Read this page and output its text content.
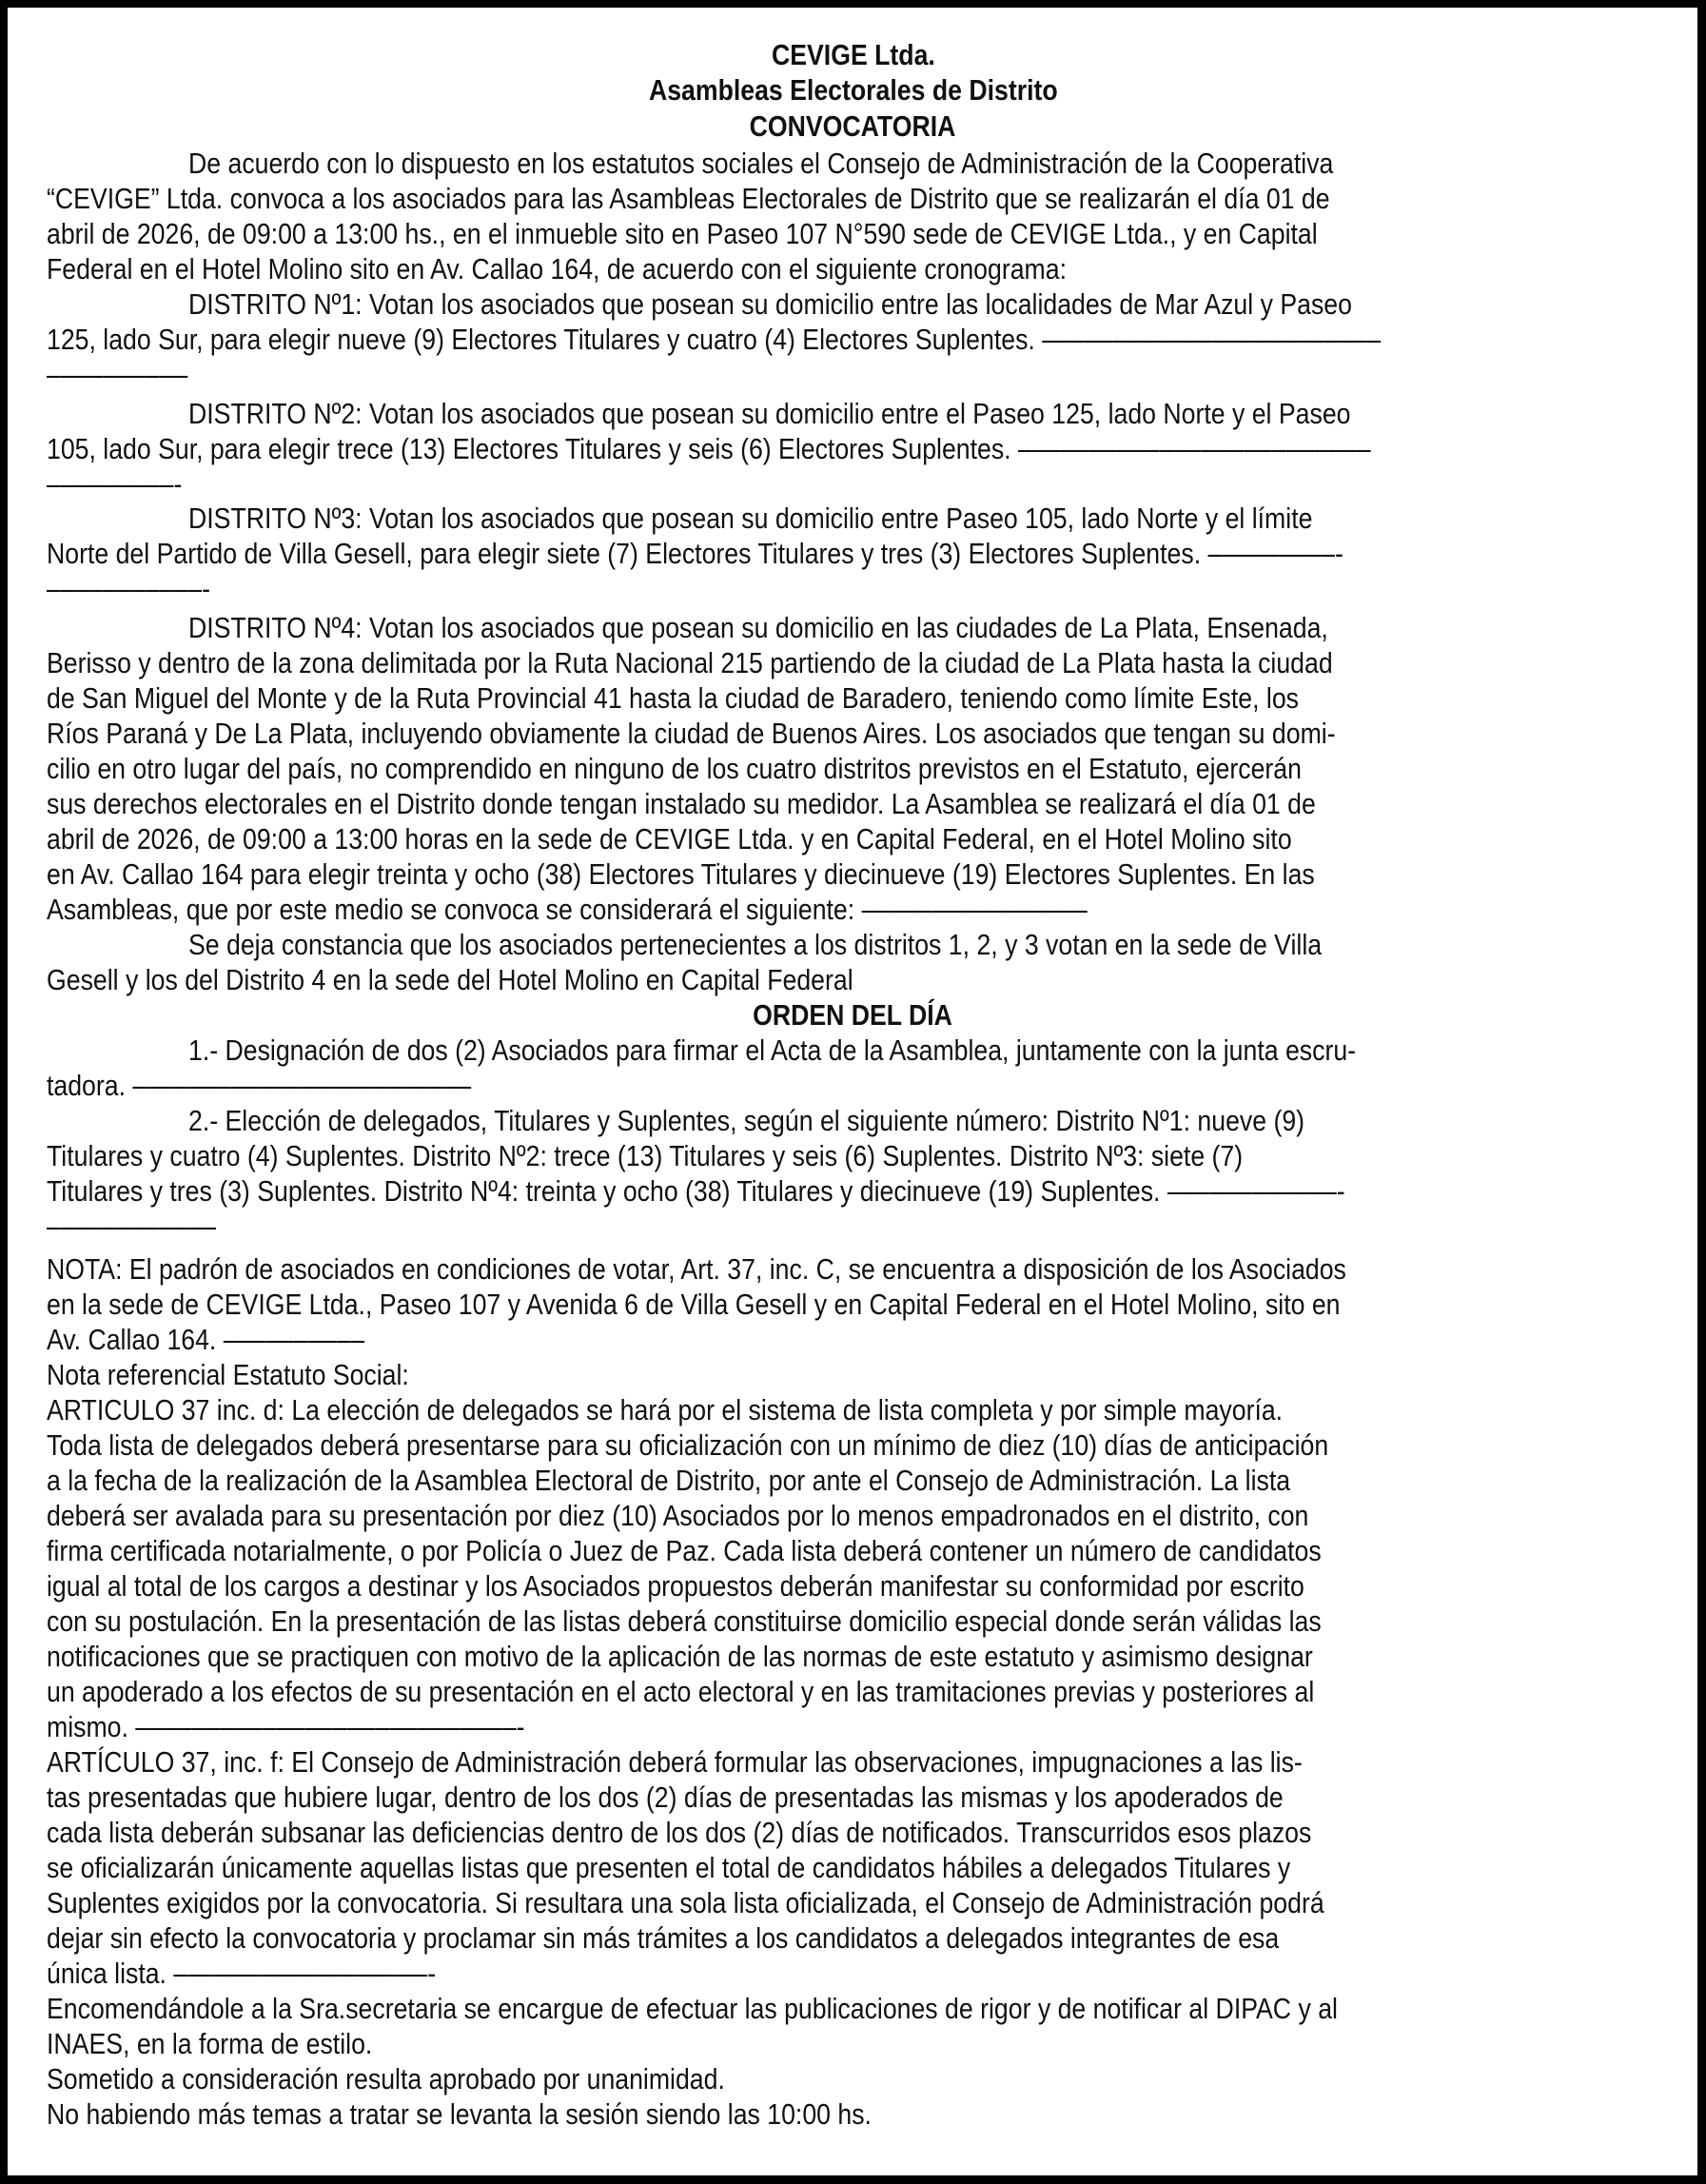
CEVIGE Ltda.
Asambleas Electorales de Distrito
CONVOCATORIA
ORDEN DEL DÍA
De acuerdo con lo dispuesto en los estatutos sociales el Consejo de Administración de la Cooperativa
“CEVIGE” Ltda. convoca a los asociados para las Asambleas Electorales de Distrito que se realizarán el día 01 de
abril de 2026, de 09:00 a 13:00 hs., en el inmueble sito en Paseo 107 N°590 sede de CEVIGE Ltda., y en Capital
Federal en el Hotel Molino sito en Av. Callao 164, de acuerdo con el siguiente cronograma:
DISTRITO Nº1: Votan los asociados que posean su domicilio entre las localidades de Mar Azul y Paseo
125, lado Sur, para elegir nueve (9) Electores Titulares y cuatro (4) Electores Suplentes. ––––––––––––––––––––––––
––––––––––
DISTRITO Nº2: Votan los asociados que posean su domicilio entre el Paseo 125, lado Norte y el Paseo
105, lado Sur, para elegir trece (13) Electores Titulares y seis (6) Electores Suplentes. –––––––––––––––––––––––––
–––––––––-
DISTRITO Nº3: Votan los asociados que posean su domicilio entre Paseo 105, lado Norte y el límite
Norte del Partido de Villa Gesell, para elegir siete (7) Electores Titulares y tres (3) Electores Suplentes. –––––––––-
–––––––––––-
DISTRITO Nº4: Votan los asociados que posean su domicilio en las ciudades de La Plata, Ensenada,
Berisso y dentro de la zona delimitada por la Ruta Nacional 215 partiendo de la ciudad de La Plata hasta la ciudad
de San Miguel del Monte y de la Ruta Provincial 41 hasta la ciudad de Baradero, teniendo como límite Este, los
Ríos Paraná y De La Plata, incluyendo obviamente la ciudad de Buenos Aires. Los asociados que tengan su domi-
cilio en otro lugar del país, no comprendido en ninguno de los cuatro distritos previstos en el Estatuto, ejercerán
sus derechos electorales en el Distrito donde tengan instalado su medidor. La Asamblea se realizará el día 01 de
abril de 2026, de 09:00 a 13:00 horas en la sede de CEVIGE Ltda. y en Capital Federal, en el Hotel Molino sito
en Av. Callao 164 para elegir treinta y ocho (38) Electores Titulares y diecinueve (19) Electores Suplentes. En las
Asambleas, que por este medio se convoca se considerará el siguiente: ––––––––––––––––
Se deja constancia que los asociados pertenecientes a los distritos 1, 2, y 3 votan en la sede de Villa
Gesell y los del Distrito 4 en la sede del Hotel Molino en Capital Federal
1.- Designación de dos (2) Asociados para firmar el Acta de la Asamblea, juntamente con la junta escru-
tadora. ––––––––––––––––––––––––
2.- Elección de delegados, Titulares y Suplentes, según el siguiente número: Distrito Nº1: nueve (9)
Titulares y cuatro (4) Suplentes. Distrito Nº2: trece (13) Titulares y seis (6) Suplentes. Distrito Nº3: siete (7)
Titulares y tres (3) Suplentes. Distrito Nº4: treinta y ocho (38) Titulares y diecinueve (19) Suplentes. ––––––––––––-
––––––––––––
NOTA: El padrón de asociados en condiciones de votar, Art. 37, inc. C, se encuentra a disposición de los Asociados
en la sede de CEVIGE Ltda., Paseo 107 y Avenida 6 de Villa Gesell y en Capital Federal en el Hotel Molino, sito en
Av. Callao 164. ––––––––––
Nota referencial Estatuto Social:
ARTICULO 37 inc. d: La elección de delegados se hará por el sistema de lista completa y por simple mayoría.
Toda lista de delegados deberá presentarse para su oficialización con un mínimo de diez (10) días de anticipación
a la fecha de la realización de la Asamblea Electoral de Distrito, por ante el Consejo de Administración. La lista
deberá ser avalada para su presentación por diez (10) Asociados por lo menos empadronados en el distrito, con
firma certificada notarialmente, o por Policía o Juez de Paz. Cada lista deberá contener un número de candidatos
igual al total de los cargos a destinar y los Asociados propuestos deberán manifestar su conformidad por escrito
con su postulación. En la presentación de las listas deberá constituirse domicilio especial donde serán válidas las
notificaciones que se practiquen con motivo de la aplicación de las normas de este estatuto y asimismo designar
un apoderado a los efectos de su presentación en el acto electoral y en las tramitaciones previas y posteriores al
mismo. –––––––––––––––––––––––––––-
ARTÍCULO 37, inc. f: El Consejo de Administración deberá formular las observaciones, impugnaciones a las lis-
tas presentadas que hubiere lugar, dentro de los dos (2) días de presentadas las mismas y los apoderados de
cada lista deberán subsanar las deficiencias dentro de los dos (2) días de notificados. Transcurridos esos plazos
se oficializarán únicamente aquellas listas que presenten el total de candidatos hábiles a delegados Titulares y
Suplentes exigidos por la convocatoria. Si resultara una sola lista oficializada, el Consejo de Administración podrá
dejar sin efecto la convocatoria y proclamar sin más trámites a los candidatos a delegados integrantes de esa
única lista. ––––––––––––––––––-
Encomendándole a la Sra.secretaria se encargue de efectuar las publicaciones de rigor y de notificar al DIPAC y al
INAES, en la forma de estilo.
Sometido a consideración resulta aprobado por unanimidad.
No habiendo más temas a tratar se levanta la sesión siendo las 10:00 hs.
